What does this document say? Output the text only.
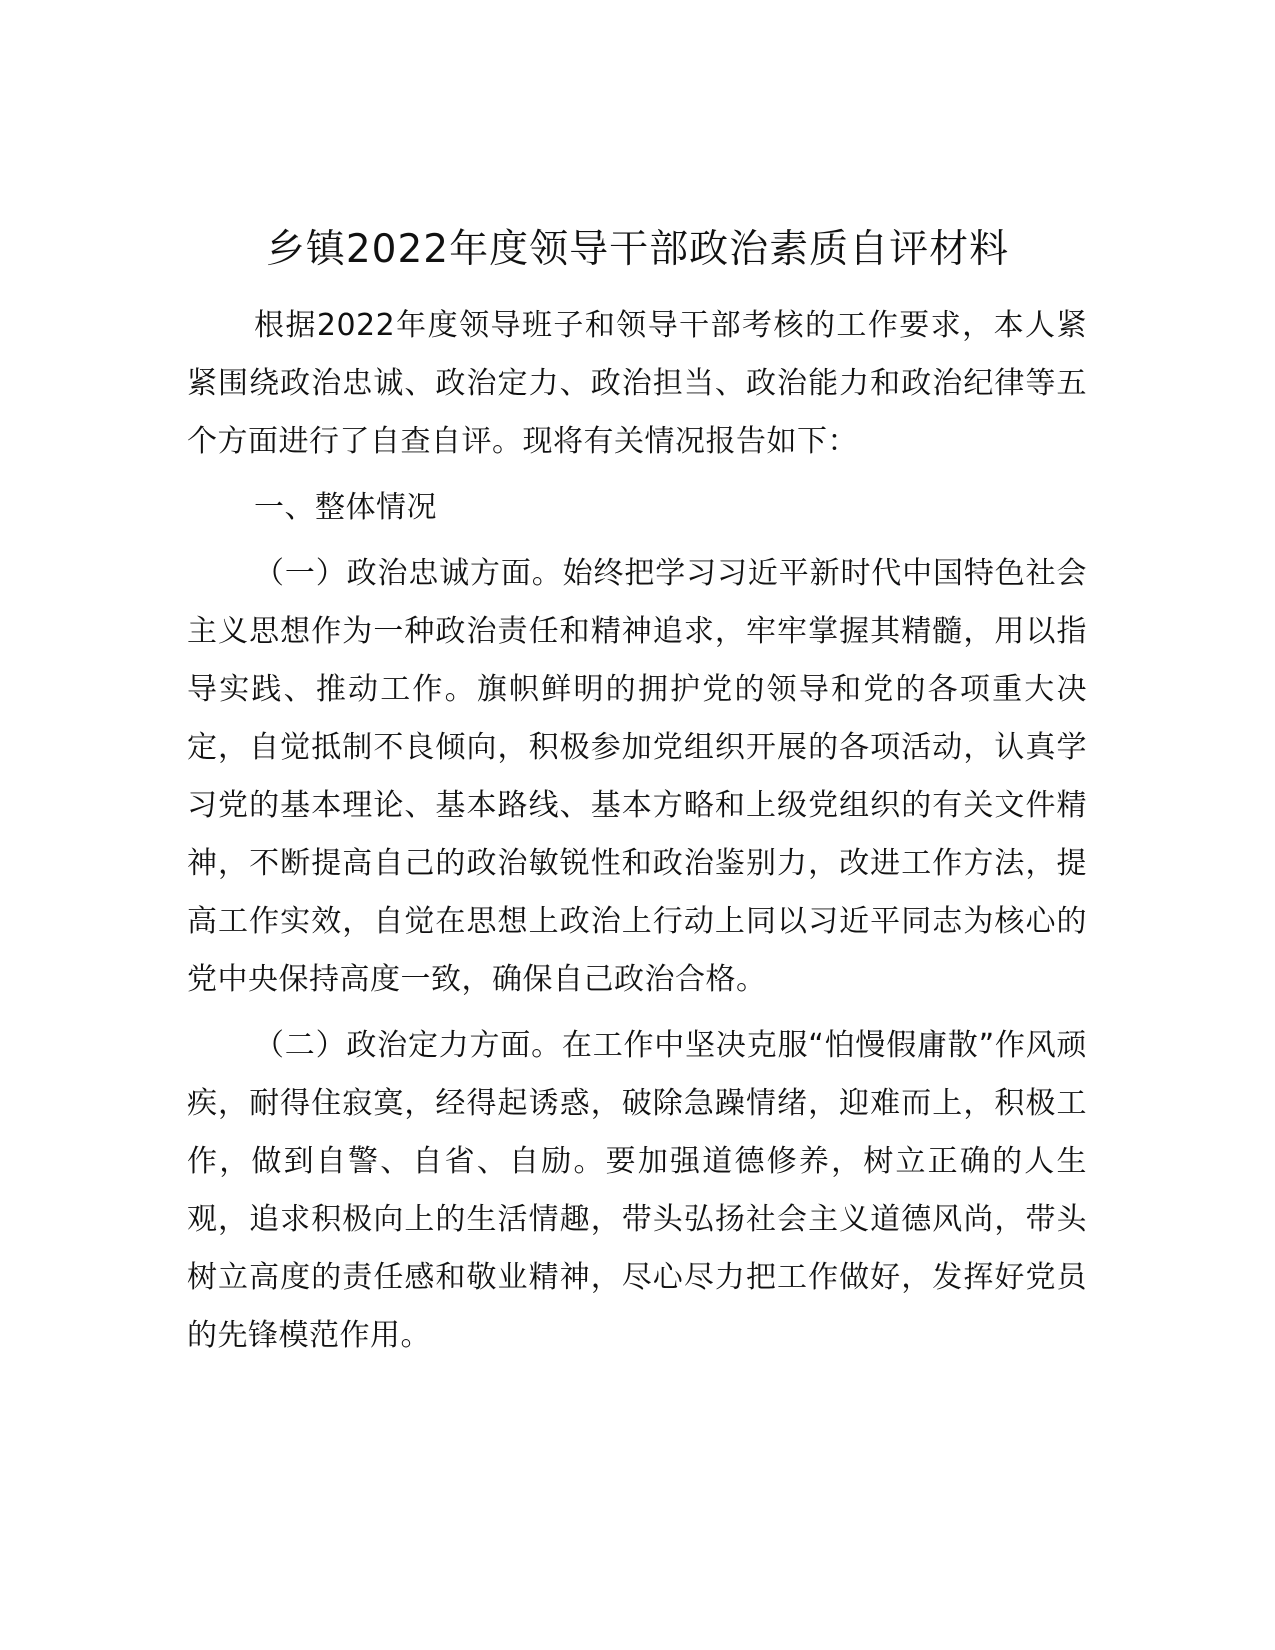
乡镇2022年度领导干部政治素质自评材料

根据2022年度领导班子和领导干部考核的工作要求，本人紧紧围绕政治忠诚、政治定力、政治担当、政治能力和政治纪律等五个方面进行了自查自评。现将有关情况报告如下：

一、整体情况

（一）政治忠诚方面。始终把学习习近平新时代中国特色社会主义思想作为一种政治责任和精神追求，牢牢掌握其精髓，用以指导实践、推动工作。旗帜鲜明的拥护党的领导和党的各项重大决定，自觉抵制不良倾向，积极参加党组织开展的各项活动，认真学习党的基本理论、基本路线、基本方略和上级党组织的有关文件精神，不断提高自己的政治敏锐性和政治鉴别力，改进工作方法，提高工作实效，自觉在思想上政治上行动上同以习近平同志为核心的党中央保持高度一致，确保自己政治合格。

（二）政治定力方面。在工作中坚决克服“怕慢假庸散”作风顽疾，耐得住寂寞，经得起诱惑，破除急躁情绪，迎难而上，积极工作，做到自警、自省、自励。要加强道德修养，树立正确的人生观，追求积极向上的生活情趣，带头弘扬社会主义道德风尚，带头树立高度的责任感和敬业精神，尽心尽力把工作做好，发挥好党员的先锋模范作用。
